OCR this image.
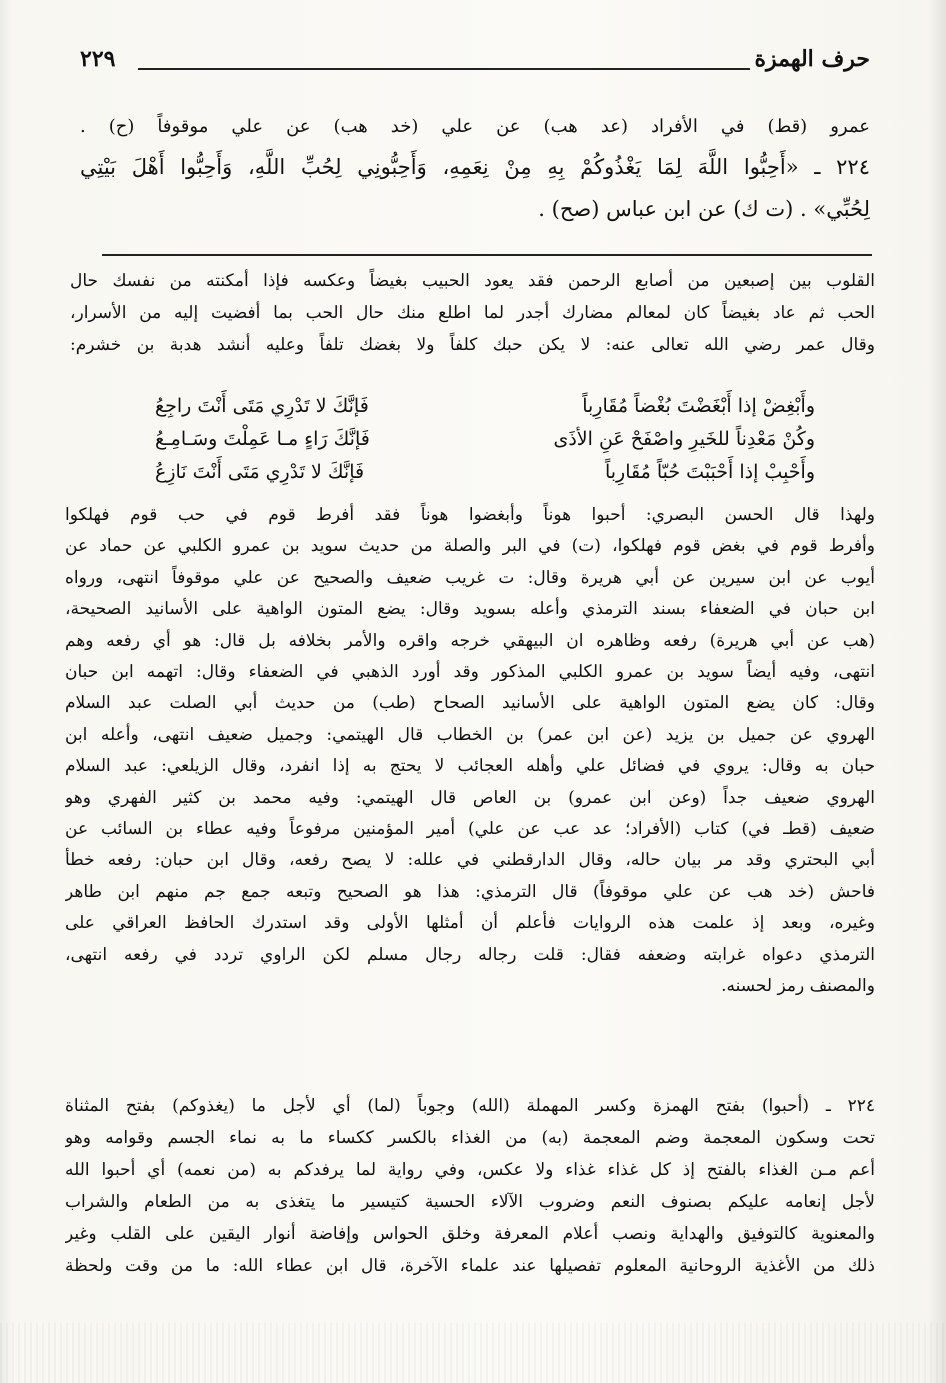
حرف الهمزة
٢٢٩
عمرو (قط) في الأفراد (عد هب) عن علي (خد هب) عن علي موقوفاً (ح) .
٢٢٤ ـ «أَحِبُّوا اللَّهَ لِمَا يَغْذُوكُمْ بِهِ مِنْ نِعَمِهِ، وَأَحِبُّونِي لِحُبِّ اللَّهِ، وَأَحِبُّوا أَهْلَ بَيْتِي
لِحُبِّي» . (ت ك) عن ابن عباس (صح) .
القلوب بين إصبعين من أصابع الرحمن فقد يعود الحبيب بغيضاً وعكسه فإذا أمكنته من نفسك حال
الحب ثم عاد بغيضاً كان لمعالم مضارك أجدر لما اطلع منك حال الحب بما أفضيت إليه من الأسرار،
وقال عمر رضي الله تعالى عنه: لا يكن حبك كلفاً ولا بغضك تلفاً وعليه أنشد هدبة بن خشرم:
وأَبْغِضْ إذا أَبْغَضْتَ بُغْضاً مُقَارِباً
فَإنَّكَ لا تَدْرِي مَتَى أَنْتَ راجِعُ
وكُنْ مَعْدِناً للخَيرِ واصْفَحْ عَنِ الأذَى
فَإنَّكَ رَاءٍ مـا عَمِلْتَ وسَـامِـعُ
وأَحْبِبْ إذا أَحْبَبْتَ حُبّاً مُقَارِباً
فَإنَّكَ لا تَدْرِي مَتَى أَنْتَ نَازِعُ
ولهذا قال الحسن البصري: أحبوا هوناً وأبغضوا هوناً فقد أفرط قوم في حب قوم فهلكوا
وأفرط قوم في بغض قوم فهلكوا، (ت) في البر والصلة من حديث سويد بن عمرو الكلبي عن حماد عن
أيوب عن ابن سيرين عن أبي هريرة وقال: ت غريب ضعيف والصحيح عن علي موقوفاً انتهى، ورواه
ابن حبان في الضعفاء بسند الترمذي وأعله بسويد وقال: يضع المتون الواهية على الأسانيد الصحيحة،
(هب عن أبي هريرة) رفعه وظاهره ان البيهقي خرجه واقره والأمر بخلافه بل قال: هو أي رفعه وهم
انتهى، وفيه أيضاً سويد بن عمرو الكلبي المذكور وقد أورد الذهبي في الضعفاء وقال: اتهمه ابن حبان
وقال: كان يضع المتون الواهية على الأسانيد الصحاح (طب) من حديث أبي الصلت عبد السلام
الهروي عن جميل بن يزيد (عن ابن عمر) بن الخطاب قال الهيتمي: وجميل ضعيف انتهى، وأعله ابن
حبان به وقال: يروي في فضائل علي وأهله العجائب لا يحتج به إذا انفرد، وقال الزيلعي: عبد السلام
الهروي ضعيف جداً (وعن ابن عمرو) بن العاص قال الهيتمي: وفيه محمد بن كثير الفهري وهو
ضعيف (قطـ في) كتاب (الأفراد؛ عد عب عن علي) أمير المؤمنين مرفوعاً وفيه عطاء بن السائب عن
أبي البحتري وقد مر بيان حاله، وقال الدارقطني في علله: لا يصح رفعه، وقال ابن حبان: رفعه خطأ
فاحش (خد هب عن علي موقوفاً) قال الترمذي: هذا هو الصحيح وتبعه جمع جم منهم ابن طاهر
وغيره، وبعد إذ علمت هذه الروايات فأعلم أن أمثلها الأولى وقد استدرك الحافظ العراقي على
الترمذي دعواه غرابته وضعفه فقال: قلت رجاله رجال مسلم لكن الراوي تردد في رفعه انتهى،
والمصنف رمز لحسنه.
٢٢٤ ـ (أحبوا) بفتح الهمزة وكسر المهملة (الله) وجوباً (لما) أي لأجل ما (يغذوكم) بفتح المثناة
تحت وسكون المعجمة وضم المعجمة (به) من الغذاء بالكسر ككساء ما به نماء الجسم وقوامه وهو
أعم مـن الغذاء بالفتح إذ كل غذاء غذاء ولا عكس، وفي رواية لما يرفدكم به (من نعمه) أي أحبوا الله
لأجل إنعامه عليكم بصنوف النعم وضروب الآلاء الحسية كتيسير ما يتغذى به من الطعام والشراب
والمعنوية كالتوفيق والهداية ونصب أعلام المعرفة وخلق الحواس وإفاضة أنوار اليقين على القلب وغير
ذلك من الأغذية الروحانية المعلوم تفصيلها عند علماء الآخرة، قال ابن عطاء الله: ما من وقت ولحظة
